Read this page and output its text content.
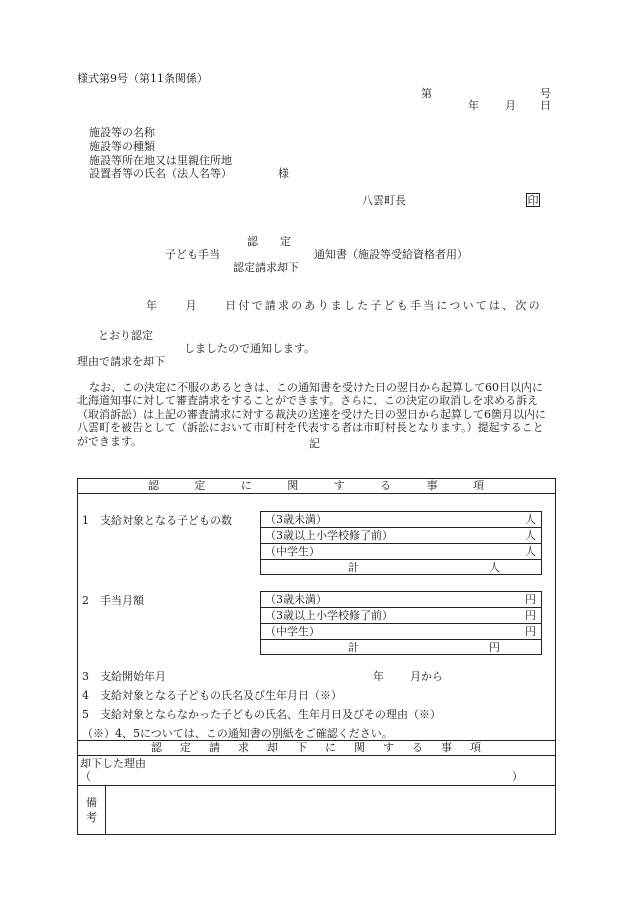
様式第9号（第11条関係）
第	号
年 月 日
施設等の名称
施設等の種類
施設等所在地又は里親住所地
設置者等の氏名（法人名等）	様
八雲町長	印
認　　定
子ども手当	通知書（施設等受給資格者用）
認定請求却下
年　　月　　日付で請求のありました子ども手当については、次の
とおり認定
しましたので通知します。
理由で請求を却下
なお、この決定に不服のあるときは、この通知書を受けた日の翌日から起算して60日以内に北海道知事に対して審査請求をすることができます。さらに、この決定の取消しを求める訴え（取消訴訟）は上記の審査請求に対する裁決の送達を受けた日の翌日から起算して6箇月以内に八雲町を被告として（訴訟において市町村を代表する者は市町村長となります。）提起することができます。	記
認	定	に	関	す	る	事	項
1　支給対象となる子どもの数	（3歳未満）	人
（3歳以上小学校修了前）	人
（中学生）	人
計	人
2　手当月額	（3歳未満）	円
（3歳以上小学校修了前）	円
（中学生）	円
計	円
3　支給開始年月	年 月から
4　支給対象となる子どもの氏名及び生年月日（※）
5　支給対象とならなかった子どもの氏名、生年月日及びその理由（※）
（※）4、5については、この通知書の別紙をご確認ください。
認 定 請 求 却 下 に 関 す る 事 項
却下した理由
（	）
備
考
